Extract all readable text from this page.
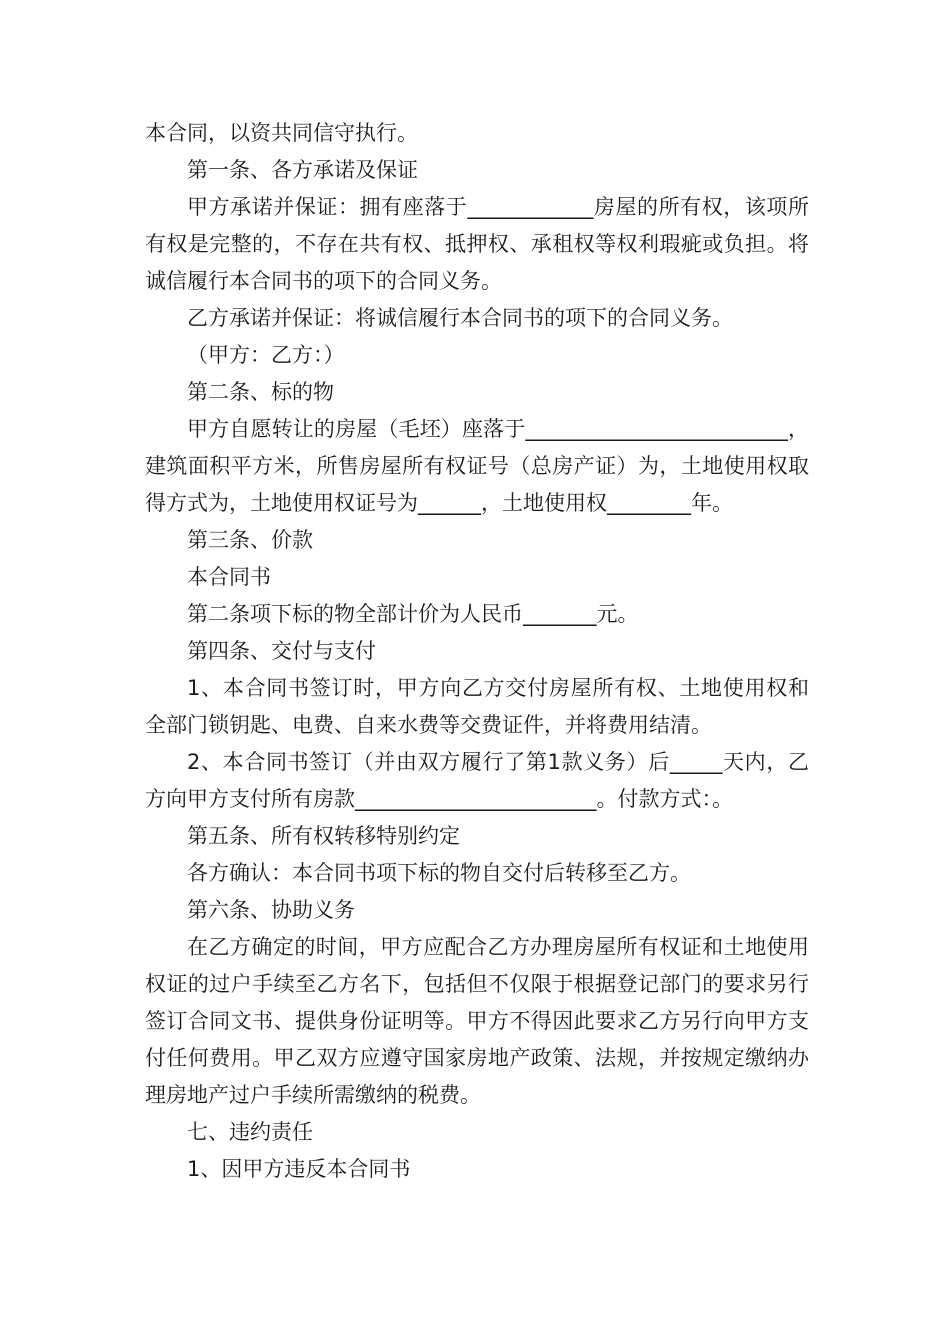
本合同，以资共同信守执行。

第一条、各方承诺及保证

甲方承诺并保证：拥有座落于____________房屋的所有权，该项所有权是完整的，不存在共有权、抵押权、承租权等权利瑕疵或负担。将诚信履行本合同书的项下的合同义务。

乙方承诺并保证：将诚信履行本合同书的项下的合同义务。

（甲方：乙方：）

第二条、标的物

甲方自愿转让的房屋（毛坯）座落于_________________________，建筑面积平方米，所售房屋所有权证号（总房产证）为，土地使用权取得方式为，土地使用权证号为______，土地使用权________年。

第三条、价款

本合同书

第二条项下标的物全部计价为人民币_______元。

第四条、交付与支付

1、本合同书签订时，甲方向乙方交付房屋所有权、土地使用权和全部门锁钥匙、电费、自来水费等交费证件，并将费用结清。

2、本合同书签订（并由双方履行了第1款义务）后_____天内，乙方向甲方支付所有房款_______________________。付款方式：。

第五条、所有权转移特别约定

各方确认：本合同书项下标的物自交付后转移至乙方。

第六条、协助义务

在乙方确定的时间，甲方应配合乙方办理房屋所有权证和土地使用权证的过户手续至乙方名下，包括但不仅限于根据登记部门的要求另行签订合同文书、提供身份证明等。甲方不得因此要求乙方另行向甲方支付任何费用。甲乙双方应遵守国家房地产政策、法规，并按规定缴纳办理房地产过户手续所需缴纳的税费。

七、违约责任

1、因甲方违反本合同书
